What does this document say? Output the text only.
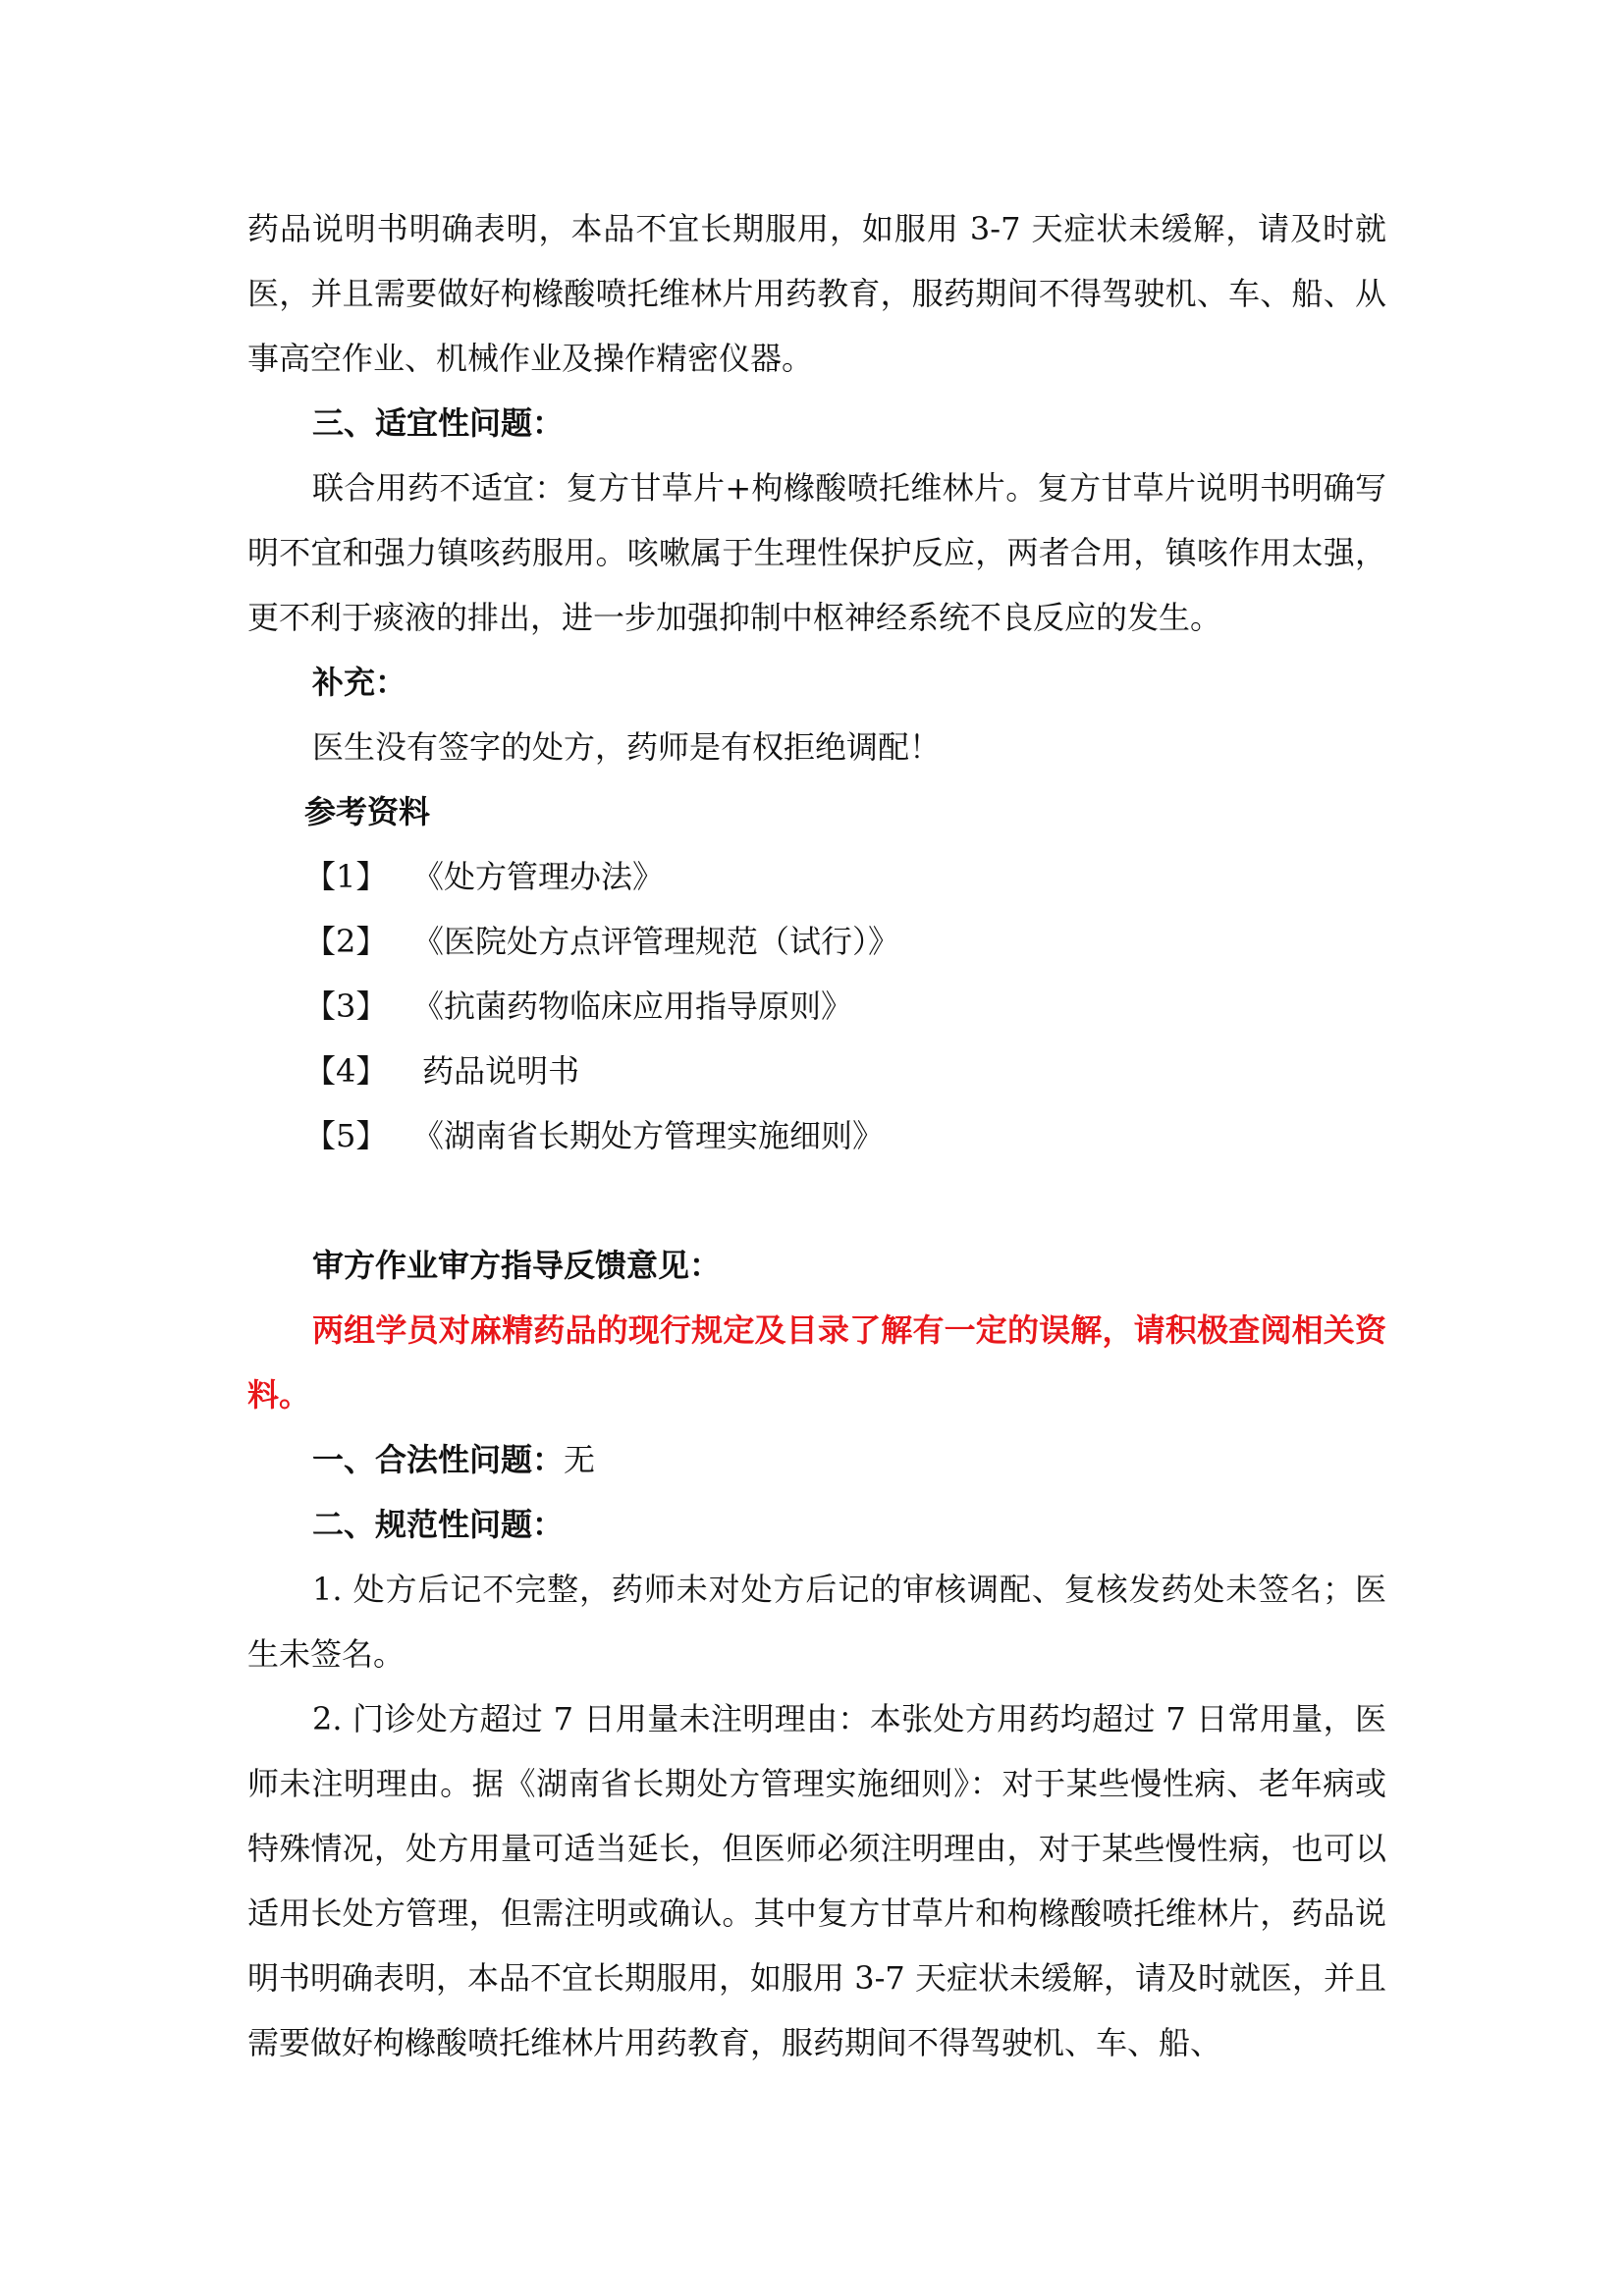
药品说明书明确表明，本品不宜长期服用，如服用 3-7 天症状未缓解，请及时就医，并且需要做好枸橼酸喷托维林片用药教育，服药期间不得驾驶机、车、船、从事高空作业、机械作业及操作精密仪器。

三、适宜性问题：

联合用药不适宜：复方甘草片+枸橼酸喷托维林片。复方甘草片说明书明确写明不宜和强力镇咳药服用。咳嗽属于生理性保护反应，两者合用，镇咳作用太强，更不利于痰液的排出，进一步加强抑制中枢神经系统不良反应的发生。

补充：

医生没有签字的处方，药师是有权拒绝调配！

参考资料

【1】 《处方管理办法》

【2】 《医院处方点评管理规范（试行）》

【3】 《抗菌药物临床应用指导原则》

【4】 药品说明书

【5】 《湖南省长期处方管理实施细则》

审方作业审方指导反馈意见：

两组学员对麻精药品的现行规定及目录了解有一定的误解，请积极查阅相关资料。

一、合法性问题：无

二、规范性问题：

1. 处方后记不完整，药师未对处方后记的审核调配、复核发药处未签名；医生未签名。

2. 门诊处方超过 7 日用量未注明理由：本张处方用药均超过 7 日常用量，医师未注明理由。据《湖南省长期处方管理实施细则》：对于某些慢性病、老年病或特殊情况，处方用量可适当延长，但医师必须注明理由，对于某些慢性病，也可以适用长处方管理，但需注明或确认。其中复方甘草片和枸橼酸喷托维林片，药品说明书明确表明，本品不宜长期服用，如服用 3-7 天症状未缓解，请及时就医，并且需要做好枸橼酸喷托维林片用药教育，服药期间不得驾驶机、车、船、
